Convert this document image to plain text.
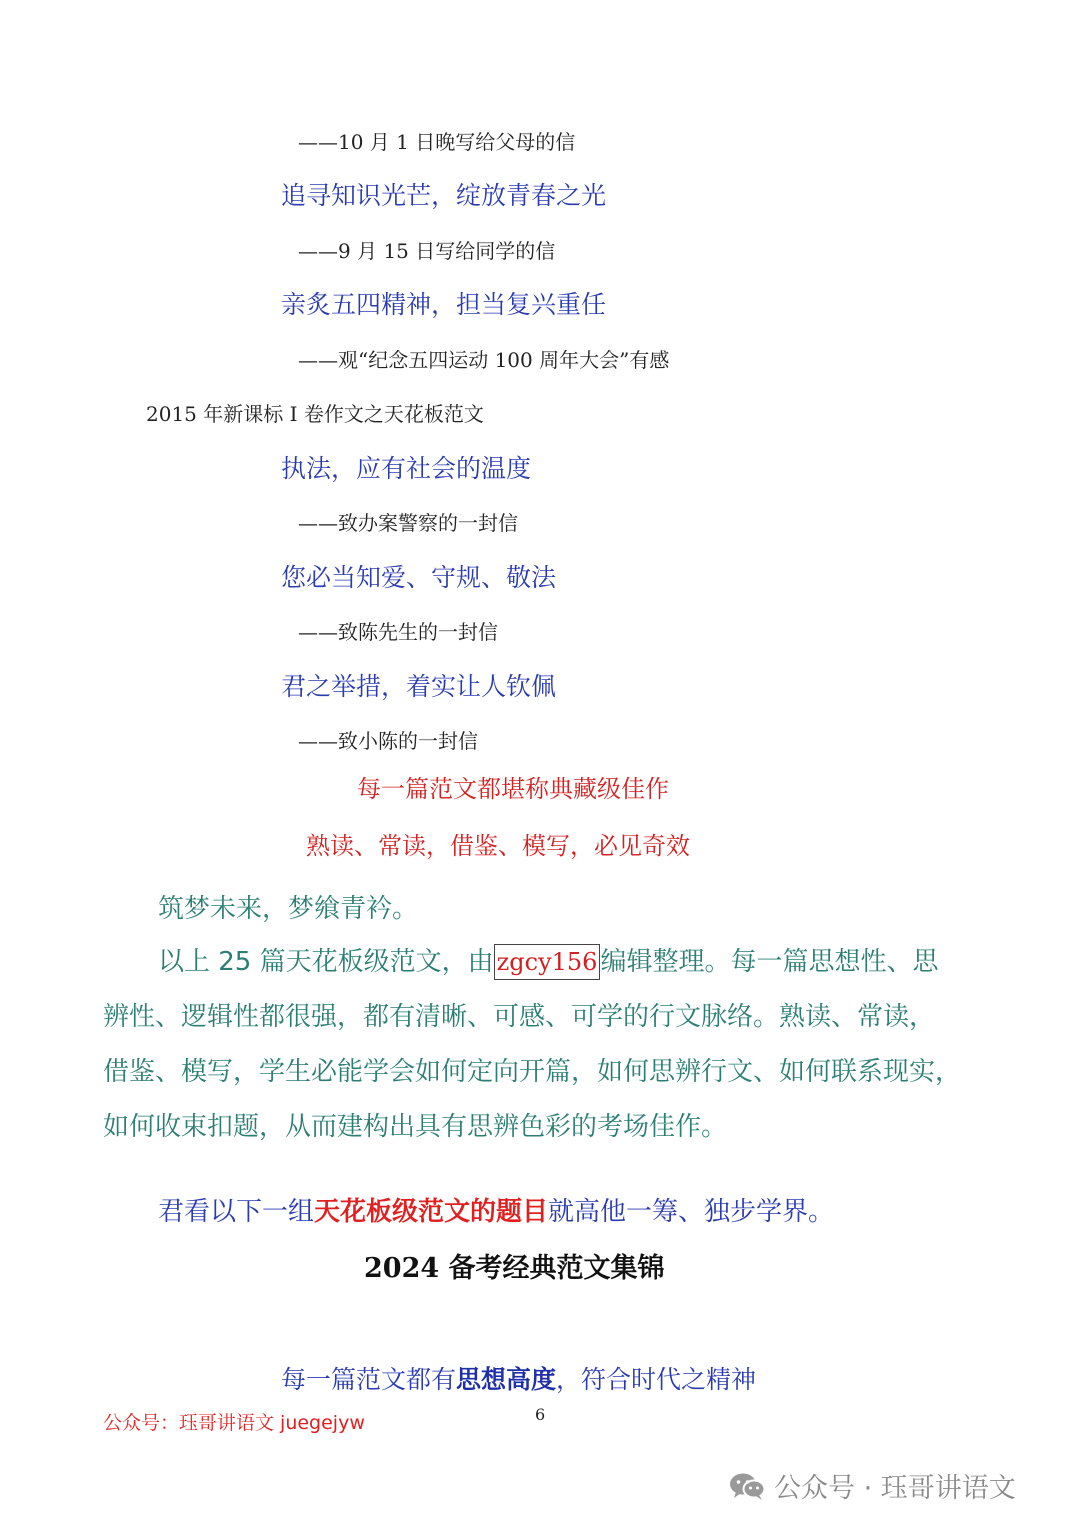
——10 月 1 日晚写给父母的信
追寻知识光芒，绽放青春之光
——9 月 15 日写给同学的信
亲炙五四精神，担当复兴重任
——观“纪念五四运动 100 周年大会”有感
2015 年新课标 I 卷作文之天花板范文
执法，应有社会的温度
——致办案警察的一封信
您必当知爱、守规、敬法
——致陈先生的一封信
君之举措，着实让人钦佩
——致小陈的一封信
每一篇范文都堪称典藏级佳作
熟读、常读，借鉴、模写，必见奇效
筑梦未来，梦飨青衿。
以上 25 篇天花板级范文，由 zgcy156 编辑整理。每一篇思想性、思
辨性、逻辑性都很强，都有清晰、可感、可学的行文脉络。熟读、常读，
借鉴、模写，学生必能学会如何定向开篇，如何思辨行文、如何联系现实，
如何收束扣题，从而建构出具有思辨色彩的考场佳作。
君看以下一组天花板级范文的题目就高他一筹、独步学界。
2024 备考经典范文集锦
每一篇范文都有思想高度，符合时代之精神
公众号：珏哥讲语文 juegejyw	6
公众号 · 珏哥讲语文
